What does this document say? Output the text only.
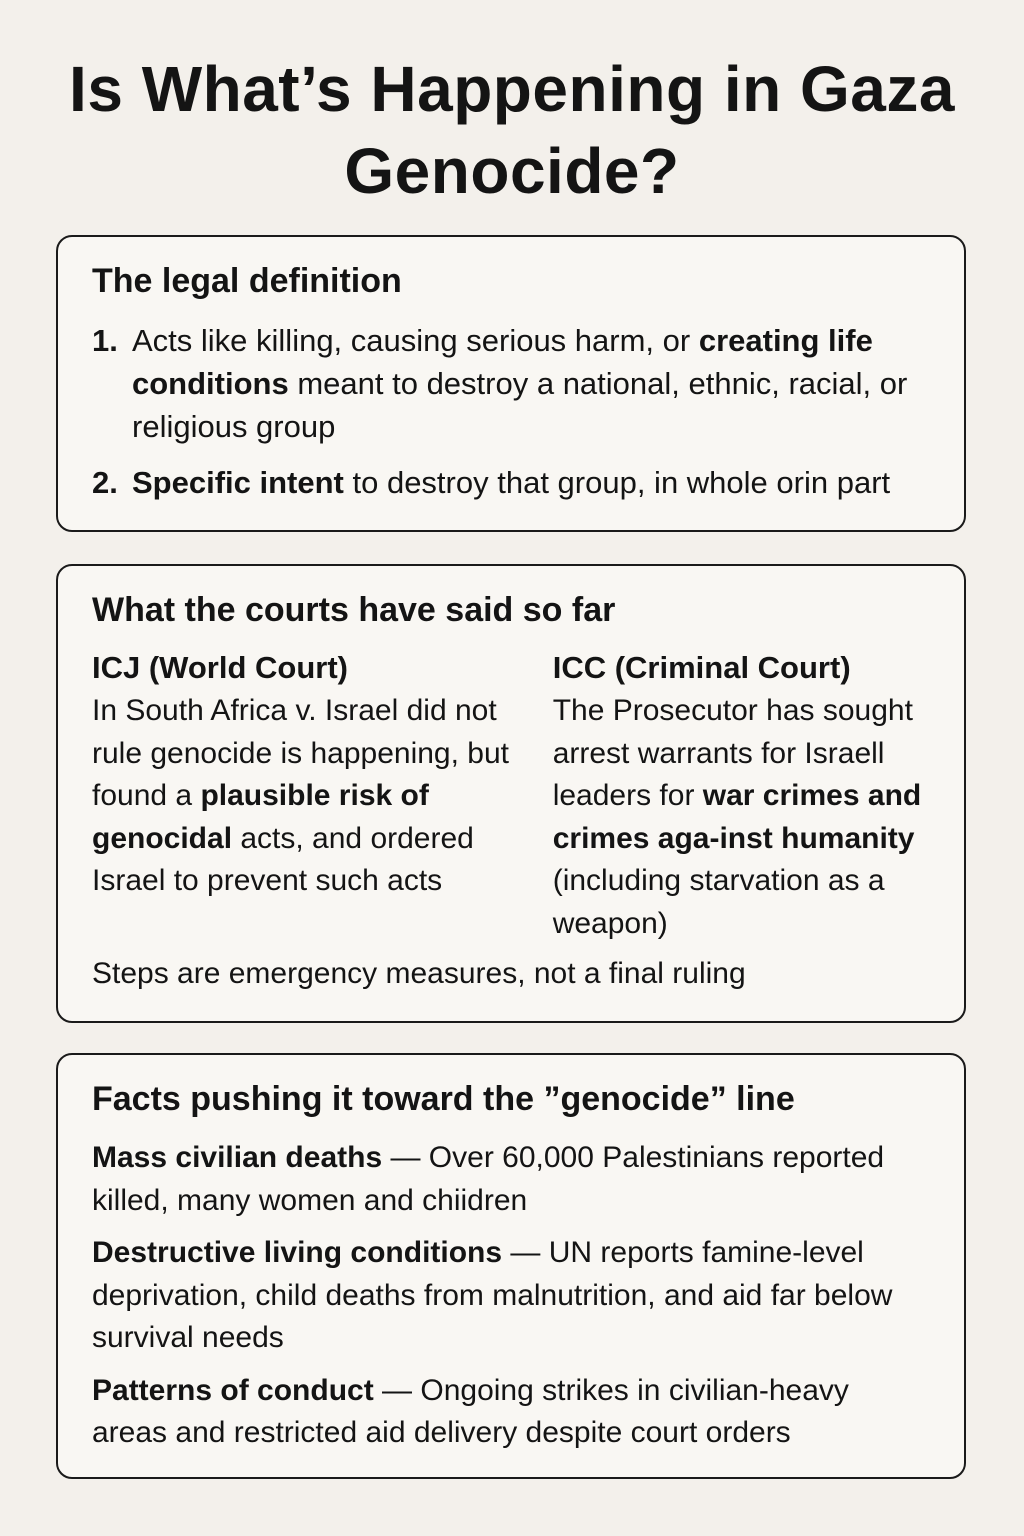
Is What’s Happening in Gaza Genocide?
The legal definition
1. Acts like killing, causing serious harm, or creating life conditions meant to destroy a national, ethnic, racial, or religious group
2. Specific intent to destroy that group, in whole orin part
What the courts have said so far
ICJ (World Court)
In South Africa v. Israel did not rule genocide is happening, but found a plausible risk of genocidal acts, and ordered Israel to prevent such acts
ICC (Criminal Court)
The Prosecutor has sought arrest warrants for Israell leaders for war crimes and crimes aga-inst humanity (including starvation as a weapon)
Steps are emergency measures, not a final ruling
Facts pushing it toward the ”genocide” line
Mass civilian deaths — Over 60,000 Palestinians reported killed, many women and chiidren
Destructive living conditions — UN reports famine-level deprivation, child deaths from malnutrition, and aid far below survival needs
Patterns of conduct — Ongoing strikes in civilian-heavy areas and restricted aid delivery despite court orders
